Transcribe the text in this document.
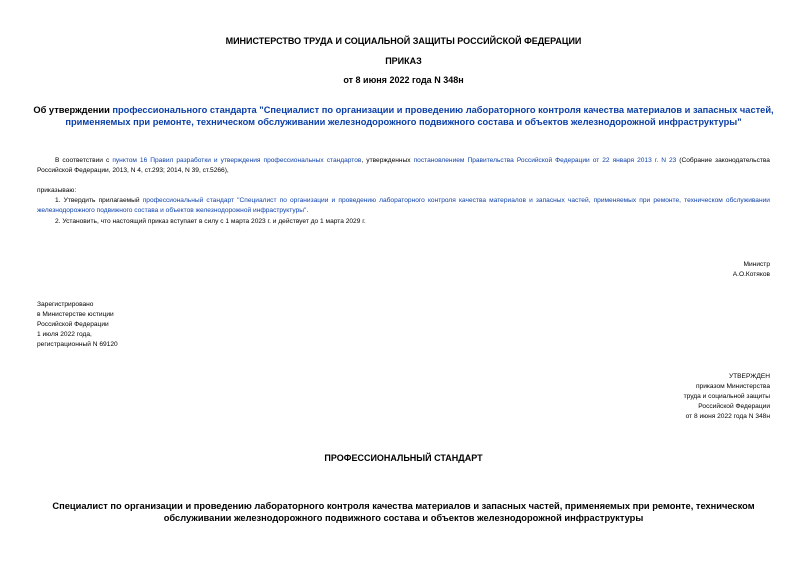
МИНИСТЕРСТВО ТРУДА И СОЦИАЛЬНОЙ ЗАЩИТЫ РОССИЙСКОЙ ФЕДЕРАЦИИ
ПРИКАЗ
от 8 июня 2022 года N 348н
Об утверждении профессионального стандарта "Специалист по организации и проведению лабораторного контроля качества материалов и запасных частей, применяемых при ремонте, техническом обслуживании железнодорожного подвижного состава и объектов железнодорожной инфраструктуры"
В соответствии с пунктом 16 Правил разработки и утверждения профессиональных стандартов, утвержденных постановлением Правительства Российской Федерации от 22 января 2013 г. N 23 (Собрание законодательства Российской Федерации, 2013, N 4, ст.293; 2014, N 39, ст.5266),
приказываю:
1. Утвердить прилагаемый профессиональный стандарт "Специалист по организации и проведению лабораторного контроля качества материалов и запасных частей, применяемых при ремонте, техническом обслуживании железнодорожного подвижного состава и объектов железнодорожной инфраструктуры".
2. Установить, что настоящий приказ вступает в силу с 1 марта 2023 г. и действует до 1 марта 2029 г.
Министр
А.О.Котяков
Зарегистрировано
в Министерстве юстиции
Российской Федерации
1 июля 2022 года,
регистрационный N 69120
УТВЕРЖДЕН
приказом Министерства
труда и социальной защиты
Российской Федерации
от 8 июня 2022 года N 348н
ПРОФЕССИОНАЛЬНЫЙ СТАНДАРТ
Специалист по организации и проведению лабораторного контроля качества материалов и запасных частей, применяемых при ремонте, техническом обслуживании железнодорожного подвижного состава и объектов железнодорожной инфраструктуры
